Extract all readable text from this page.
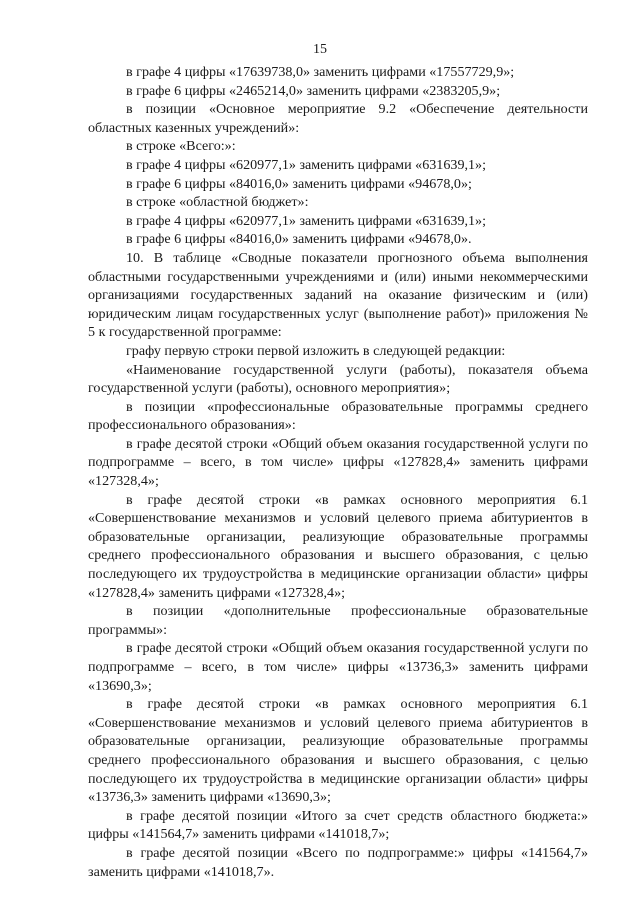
15

в графе 4 цифры «17639738,0» заменить цифрами «17557729,9»;

в графе 6 цифры «2465214,0» заменить цифрами «2383205,9»;

в позиции «Основное мероприятие 9.2 «Обеспечение деятельности областных казенных учреждений»:

в строке «Всего:»:

в графе 4 цифры «620977,1» заменить цифрами «631639,1»;

в графе 6 цифры «84016,0» заменить цифрами «94678,0»;

в строке «областной бюджет»:

в графе 4 цифры «620977,1» заменить цифрами «631639,1»;

в графе 6 цифры «84016,0» заменить цифрами «94678,0».

10. В таблице «Сводные показатели прогнозного объема выполнения областными государственными учреждениями и (или) иными некоммерческими организациями государственных заданий на оказание физическим и (или) юридическим лицам государственных услуг (выполнение работ)» приложения № 5 к государственной программе:

графу первую строки первой изложить в следующей редакции:

«Наименование государственной услуги (работы), показателя объема государственной услуги (работы), основного мероприятия»;

в позиции «профессиональные образовательные программы среднего профессионального образования»:

в графе десятой строки «Общий объем оказания государственной услуги по подпрограмме – всего, в том числе» цифры «127828,4» заменить цифрами «127328,4»;

в графе десятой строки «в рамках основного мероприятия 6.1 «Совершенствование механизмов и условий целевого приема абитуриентов в образовательные организации, реализующие образовательные программы среднего профессионального образования и высшего образования, с целью последующего их трудоустройства в медицинские организации области» цифры «127828,4» заменить цифрами «127328,4»;

в позиции «дополнительные профессиональные образовательные программы»:

в графе десятой строки «Общий объем оказания государственной услуги по подпрограмме – всего, в том числе» цифры «13736,3» заменить цифрами «13690,3»;

в графе десятой строки «в рамках основного мероприятия 6.1 «Совершенствование механизмов и условий целевого приема абитуриентов в образовательные организации, реализующие образовательные программы среднего профессионального образования и высшего образования, с целью последующего их трудоустройства в медицинские организации области» цифры «13736,3» заменить цифрами «13690,3»;

в графе десятой позиции «Итого за счет средств областного бюджета:» цифры «141564,7» заменить цифрами «141018,7»;

в графе десятой позиции «Всего по подпрограмме:» цифры «141564,7» заменить цифрами «141018,7».
